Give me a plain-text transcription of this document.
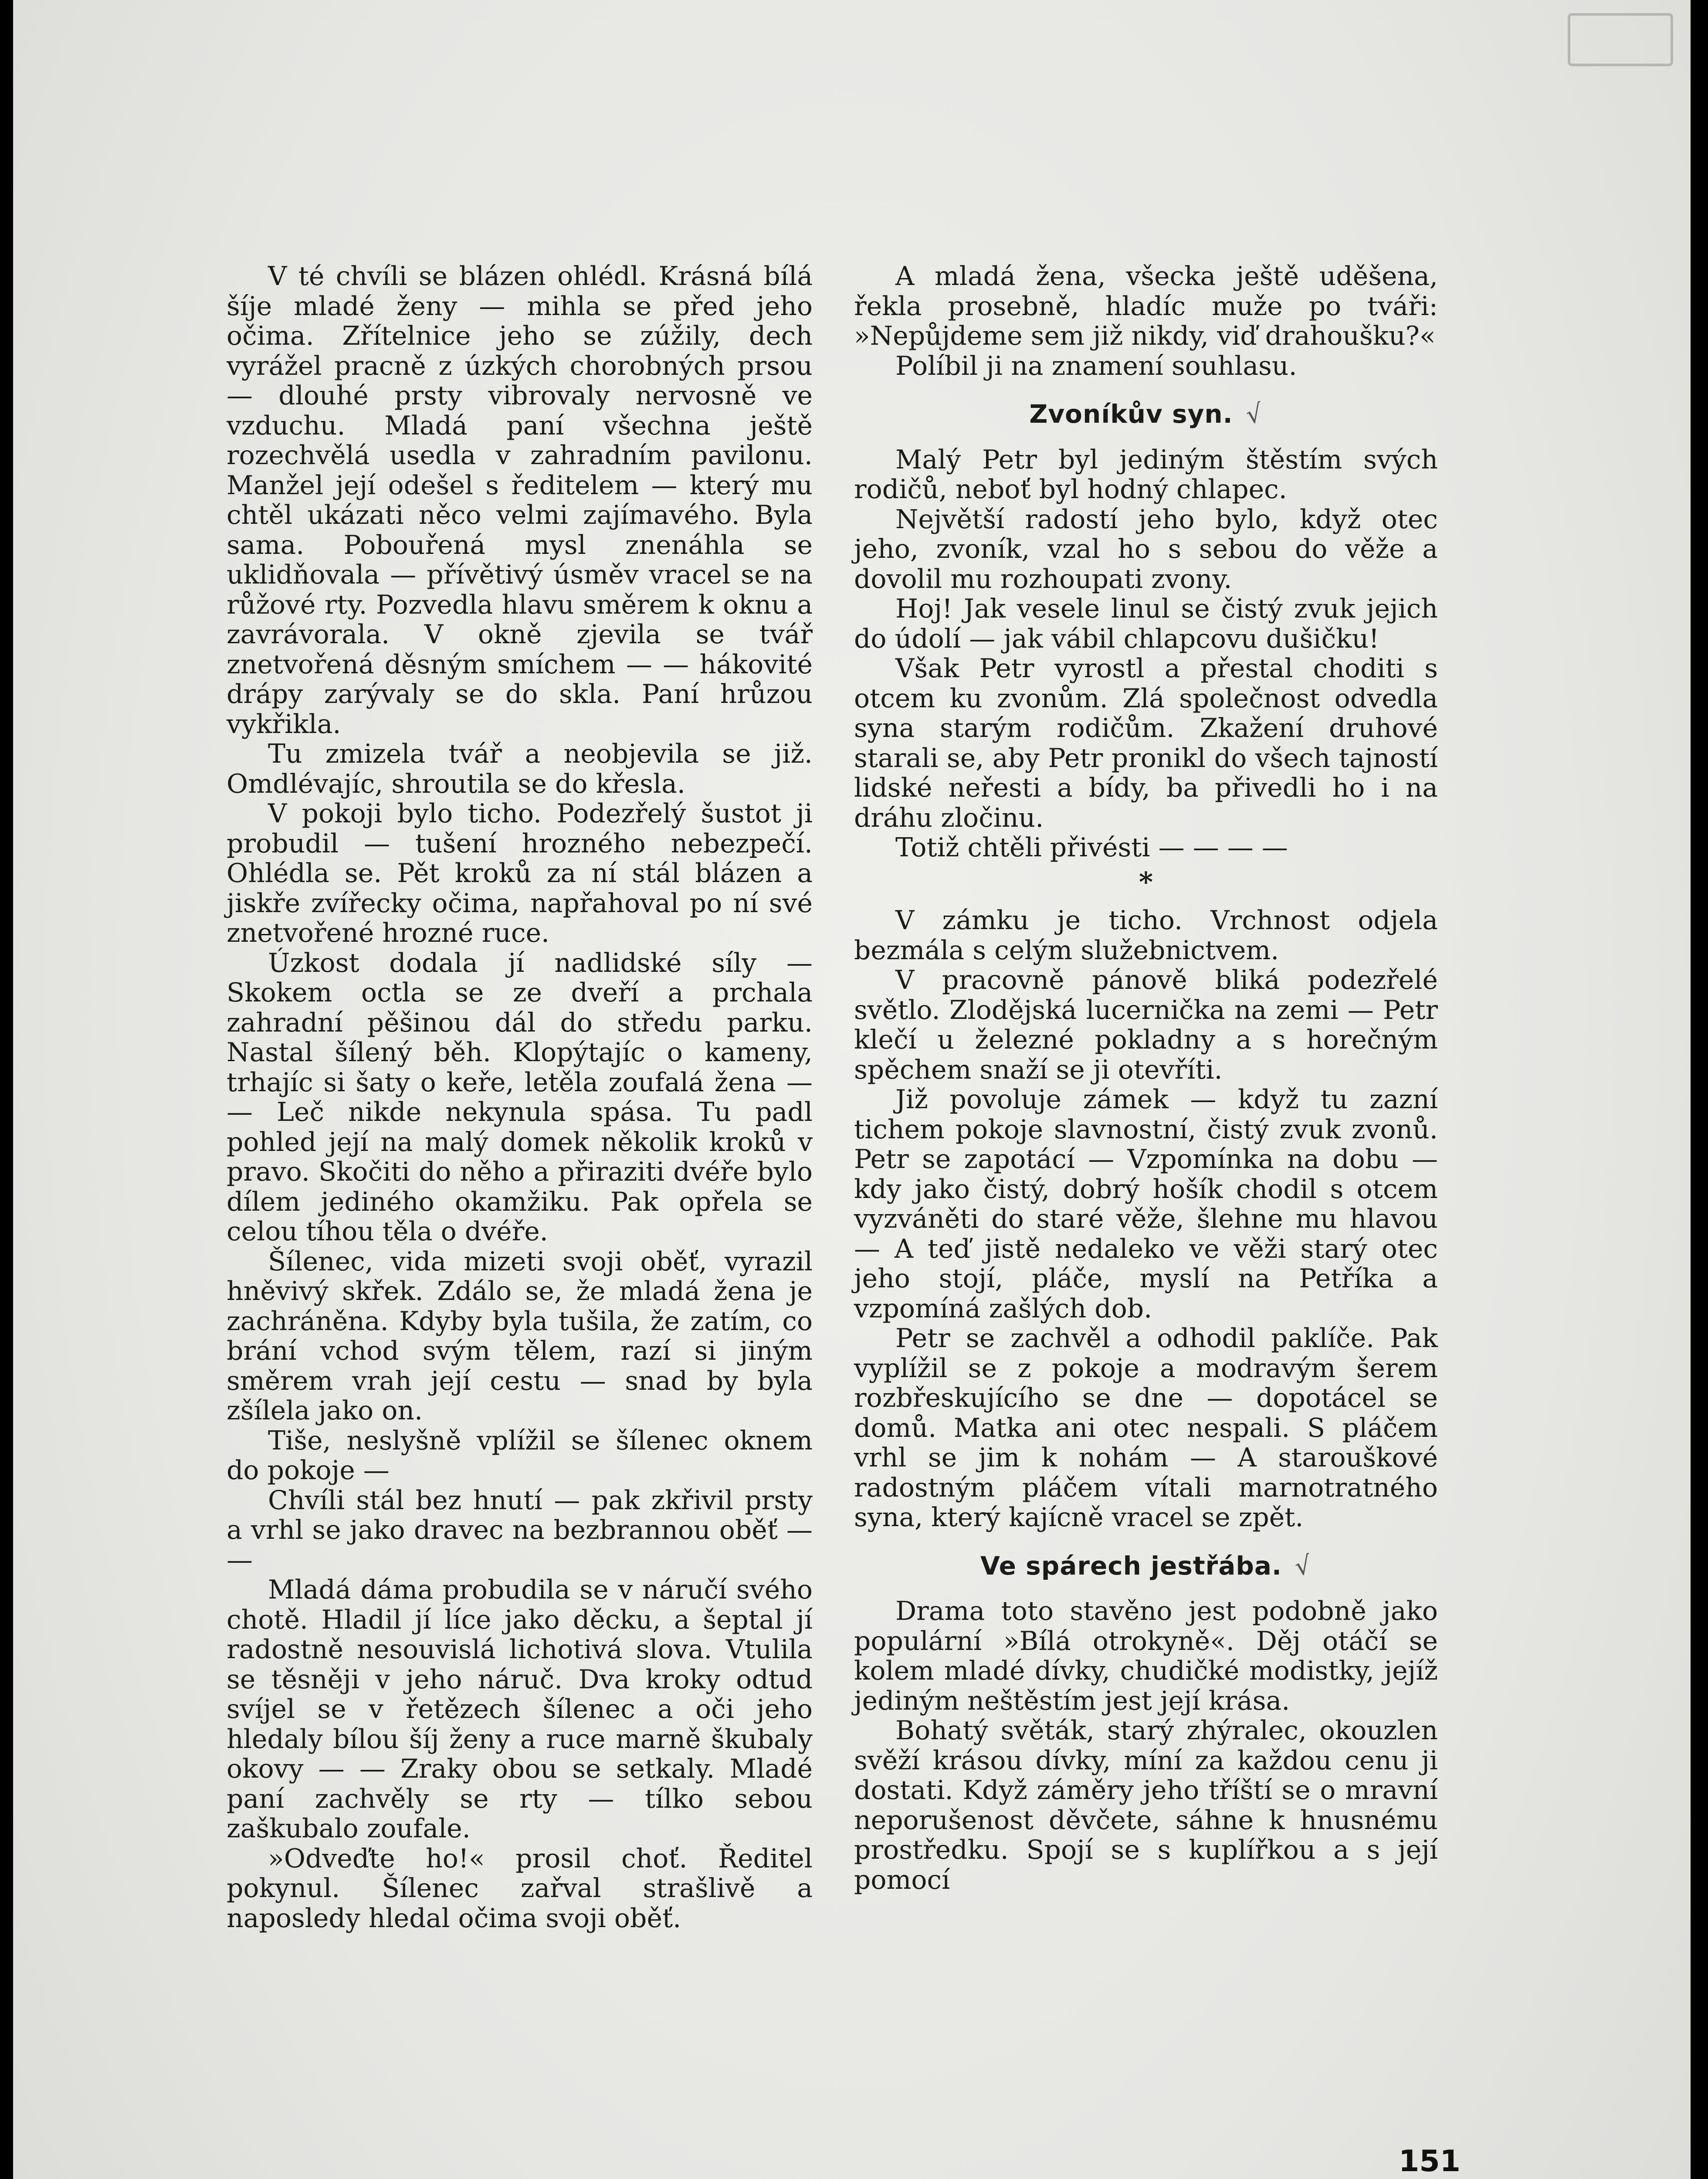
V té chvíli se blázen ohlédl. Krásná bílá šíje mladé ženy — mihla se před jeho očima. Zřítelnice jeho se zúžily, dech vyrážel pracně z úzkých chorobných prsou — dlouhé prsty vibrovaly nervosně ve vzduchu. Mladá paní všechna ještě rozechvělá usedla v zahradním pavilonu. Manžel její odešel s ředitelem — který mu chtěl ukázati něco velmi zajímavého. Byla sama. Pobouřená mysl znenáhla se uklidňovala — přívětivý úsměv vracel se na růžové rty. Pozvedla hlavu směrem k oknu a zavrávorala. V okně zjevila se tvář znetvořená děsným smíchem — — hákovité drápy zarývaly se do skla. Paní hrůzou vykřikla.

Tu zmizela tvář a neobjevila se již. Omdlévajíc, shroutila se do křesla.

V pokoji bylo ticho. Podezřelý šustot ji probudil — tušení hrozného nebezpečí. Ohlédla se. Pět kroků za ní stál blázen a jiskře zvířecky očima, napřahoval po ní své znetvořené hrozné ruce.

Úzkost dodala jí nadlidské síly — Skokem octla se ze dveří a prchala zahradní pěšinou dál do středu parku. Nastal šílený běh. Klopýtajíc o kameny, trhajíc si šaty o keře, letěla zoufalá žena — — Leč nikde nekynula spása. Tu padl pohled její na malý domek několik kroků v pravo. Skočiti do něho a přiraziti dvéře bylo dílem jediného okamžiku. Pak opřela se celou tíhou těla o dvéře.

Šílenec, vida mizeti svoji oběť, vyrazil hněvivý skřek. Zdálo se, že mladá žena je zachráněna. Kdyby byla tušila, že zatím, co brání vchod svým tělem, razí si jiným směrem vrah její cestu — snad by byla zšílela jako on.

Tiše, neslyšně vplížil se šílenec oknem do pokoje —

Chvíli stál bez hnutí — pak zkřivil prsty a vrhl se jako dravec na bezbrannou oběť — —

Mladá dáma probudila se v náručí svého chotě. Hladil jí líce jako děcku, a šeptal jí radostně nesouvislá lichotivá slova. Vtulila se těsněji v jeho náruč. Dva kroky odtud svíjel se v řetězech šílenec a oči jeho hledaly bílou šíj ženy a ruce marně škubaly okovy — — Zraky obou se setkaly. Mladé paní zachvěly se rty — tílko sebou zaškubalo zoufale.

»Odveďte ho!« prosil choť. Ředitel pokynul. Šílenec zařval strašlivě a naposledy hledal očima svoji oběť.

A mladá žena, všecka ještě uděšena, řekla prosebně, hladíc muže po tváři: »Nepůjdeme sem již nikdy, viď drahoušku?«

Políbil ji na znamení souhlasu.

Zvoníkův syn. √

Malý Petr byl jediným štěstím svých rodičů, neboť byl hodný chlapec.

Největší radostí jeho bylo, když otec jeho, zvoník, vzal ho s sebou do věže a dovolil mu rozhoupati zvony.

Hoj! Jak vesele linul se čistý zvuk jejich do údolí — jak vábil chlapcovu dušičku!

Však Petr vyrostl a přestal choditi s otcem ku zvonům. Zlá společnost odvedla syna starým rodičům. Zkažení druhové starali se, aby Petr pronikl do všech tajností lidské neřesti a bídy, ba přivedli ho i na dráhu zločinu.

Totiž chtěli přivésti — — — —

*

V zámku je ticho. Vrchnost odjela bezmála s celým služebnictvem.

V pracovně pánově bliká podezřelé světlo. Zlodějská lucernička na zemi — Petr klečí u železné pokladny a s horečným spěchem snaží se ji otevříti.

Již povoluje zámek — když tu zazní tichem pokoje slavnostní, čistý zvuk zvonů. Petr se zapotácí — Vzpomínka na dobu — kdy jako čistý, dobrý hošík chodil s otcem vyzváněti do staré věže, šlehne mu hlavou — A teď jistě nedaleko ve věži starý otec jeho stojí, pláče, myslí na Petříka a vzpomíná zašlých dob.

Petr se zachvěl a odhodil paklíče. Pak vyplížil se z pokoje a modravým šerem rozbřeskujícího se dne — dopotácel se domů. Matka ani otec nespali. S pláčem vrhl se jim k nohám — A starouškové radostným pláčem vítali marnotratného syna, který kajícně vracel se zpět.

Ve spárech jestřába. √

Drama toto stavěno jest podobně jako populární »Bílá otrokyně«. Děj otáčí se kolem mladé dívky, chudičké modistky, jejíž jediným neštěstím jest její krása.

Bohatý světák, starý zhýralec, okouzlen svěží krásou dívky, míní za každou cenu ji dostati. Když záměry jeho tříští se o mravní neporušenost děvčete, sáhne k hnusnému prostředku. Spojí se s kuplířkou a s její pomocí

151
